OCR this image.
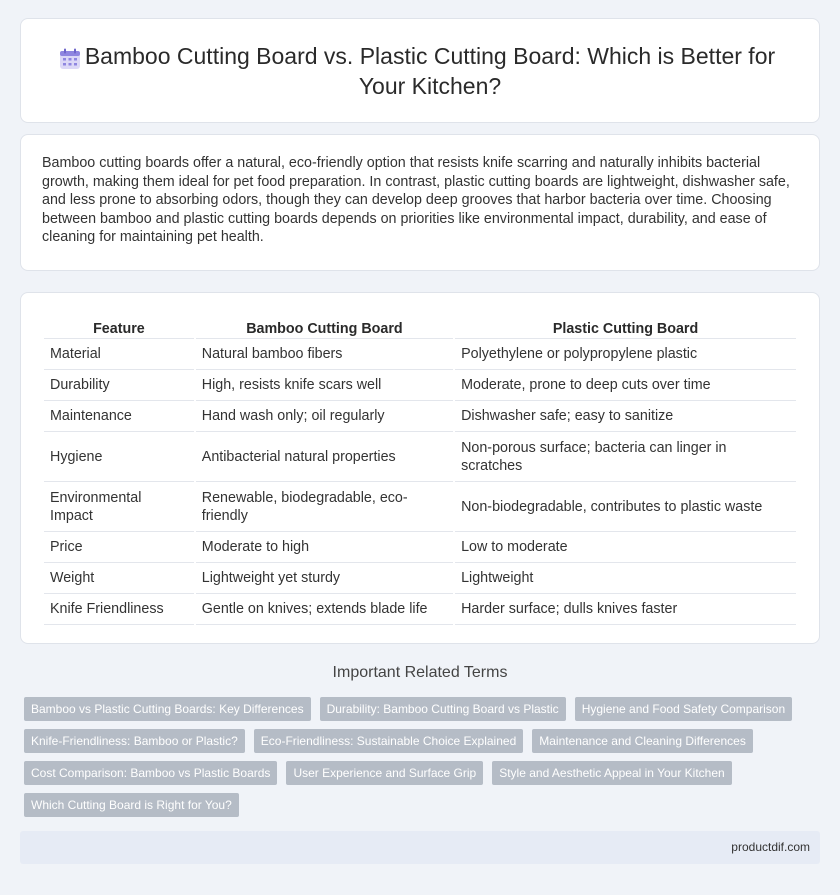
Bamboo Cutting Board vs. Plastic Cutting Board: Which is Better for Your Kitchen?

Bamboo cutting boards offer a natural, eco-friendly option that resists knife scarring and naturally inhibits bacterial growth, making them ideal for pet food preparation. In contrast, plastic cutting boards are lightweight, dishwasher safe, and less prone to absorbing odors, though they can develop deep grooves that harbor bacteria over time. Choosing between bamboo and plastic cutting boards depends on priorities like environmental impact, durability, and ease of cleaning for maintaining pet health.

Feature	Bamboo Cutting Board	Plastic Cutting Board
Material	Natural bamboo fibers	Polyethylene or polypropylene plastic
Durability	High, resists knife scars well	Moderate, prone to deep cuts over time
Maintenance	Hand wash only; oil regularly	Dishwasher safe; easy to sanitize
Hygiene	Antibacterial natural properties	Non-porous surface; bacteria can linger in scratches
Environmental Impact	Renewable, biodegradable, eco-friendly	Non-biodegradable, contributes to plastic waste
Price	Moderate to high	Low to moderate
Weight	Lightweight yet sturdy	Lightweight
Knife Friendliness	Gentle on knives; extends blade life	Harder surface; dulls knives faster
Important Related Terms
Bamboo vs Plastic Cutting Boards: Key Differences	Durability: Bamboo Cutting Board vs Plastic	Hygiene and Food Safety Comparison
Knife-Friendliness: Bamboo or Plastic?	Eco-Friendliness: Sustainable Choice Explained	Maintenance and Cleaning Differences
Cost Comparison: Bamboo vs Plastic Boards	User Experience and Surface Grip	Style and Aesthetic Appeal in Your Kitchen
Which Cutting Board is Right for You?
productdif.com
